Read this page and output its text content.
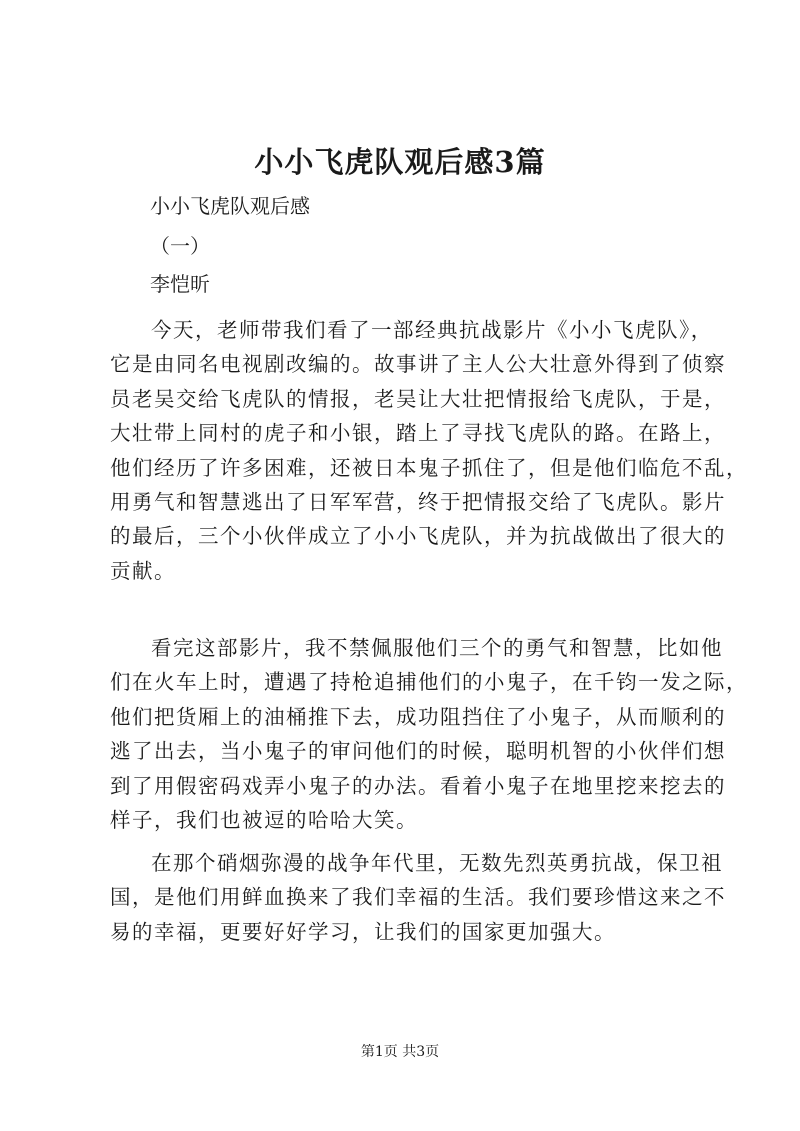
小小飞虎队观后感3篇
小小飞虎队观后感
（一）
李恺昕

今天，老师带我们看了一部经典抗战影片《小小飞虎队》，
它是由同名电视剧改编的。故事讲了主人公大壮意外得到了侦察
员老吴交给飞虎队的情报，老吴让大壮把情报给飞虎队，于是，
大壮带上同村的虎子和小银，踏上了寻找飞虎队的路。在路上，
他们经历了许多困难，还被日本鬼子抓住了，但是他们临危不乱，
用勇气和智慧逃出了日军军营，终于把情报交给了飞虎队。影片
的最后，三个小伙伴成立了小小飞虎队，并为抗战做出了很大的
贡献。

看完这部影片，我不禁佩服他们三个的勇气和智慧，比如他
们在火车上时，遭遇了持枪追捕他们的小鬼子，在千钧一发之际，
他们把货厢上的油桶推下去，成功阻挡住了小鬼子，从而顺利的
逃了出去，当小鬼子的审问他们的时候，聪明机智的小伙伴们想
到了用假密码戏弄小鬼子的办法。看着小鬼子在地里挖来挖去的
样子，我们也被逗的哈哈大笑。

在那个硝烟弥漫的战争年代里，无数先烈英勇抗战，保卫祖
国，是他们用鲜血换来了我们幸福的生活。我们要珍惜这来之不
易的幸福，更要好好学习，让我们的国家更加强大。

第1页 共3页
